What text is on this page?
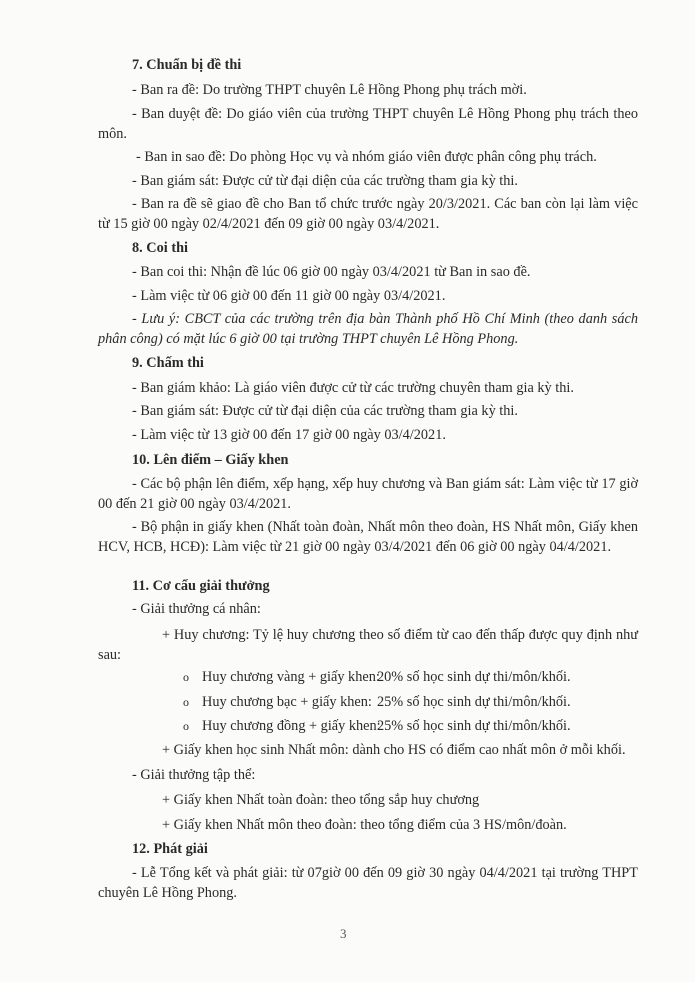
7. Chuẩn bị đề thi
- Ban ra đề: Do trường THPT chuyên Lê Hồng Phong phụ trách mời.
- Ban duyệt đề: Do giáo viên của trường THPT chuyên Lê Hồng Phong phụ trách theo môn.
- Ban in sao đề: Do phòng Học vụ và nhóm giáo viên được phân công phụ trách.
- Ban giám sát: Được cử từ đại diện của các trường tham gia kỳ thi.
- Ban ra đề sẽ giao đề cho Ban tổ chức trước ngày 20/3/2021. Các ban còn lại làm việc từ 15 giờ 00 ngày 02/4/2021 đến 09 giờ 00 ngày 03/4/2021.
8. Coi thi
- Ban coi thi: Nhận đề lúc 06 giờ 00 ngày 03/4/2021 từ Ban in sao đề.
- Làm việc từ 06 giờ 00 đến 11 giờ 00 ngày 03/4/2021.
- Lưu ý: CBCT của các trường trên địa bàn Thành phố Hồ Chí Minh (theo danh sách phân công) có mặt lúc 6 giờ 00 tại trường THPT chuyên Lê Hồng Phong.
9. Chấm thi
- Ban giám khảo: Là giáo viên được cử từ các trường chuyên tham gia kỳ thi.
- Ban giám sát: Được cử từ đại diện của các trường tham gia kỳ thi.
- Làm việc từ 13 giờ 00 đến 17 giờ 00 ngày 03/4/2021.
10. Lên điểm – Giấy khen
- Các bộ phận lên điểm, xếp hạng, xếp huy chương và Ban giám sát: Làm việc từ 17 giờ 00 đến 21 giờ 00 ngày 03/4/2021.
- Bộ phận in giấy khen (Nhất toàn đoàn, Nhất môn theo đoàn, HS Nhất môn, Giấy khen HCV, HCB, HCĐ): Làm việc từ 21 giờ 00 ngày 03/4/2021 đến 06 giờ 00 ngày 04/4/2021.
11. Cơ cấu giải thưởng
- Giải thưởng cá nhân:
+ Huy chương: Tỷ lệ huy chương theo số điểm từ cao đến thấp được quy định như sau:
o Huy chương vàng + giấy khen:
20% số học sinh dự thi/môn/khối.
o Huy chương bạc + giấy khen: 25% số học sinh dự thi/môn/khối.
o Huy chương đồng + giấy khen:
25% số học sinh dự thi/môn/khối.
+ Giấy khen học sinh Nhất môn: dành cho HS có điểm cao nhất môn ở mỗi khối.
- Giải thưởng tập thể:
+ Giấy khen Nhất toàn đoàn: theo tổng sắp huy chương
+ Giấy khen Nhất môn theo đoàn: theo tổng điểm của 3 HS/môn/đoàn.
12. Phát giải
- Lễ Tổng kết và phát giải: từ 07giờ 00 đến 09 giờ 30 ngày 04/4/2021 tại trường THPT chuyên Lê Hồng Phong.
3
